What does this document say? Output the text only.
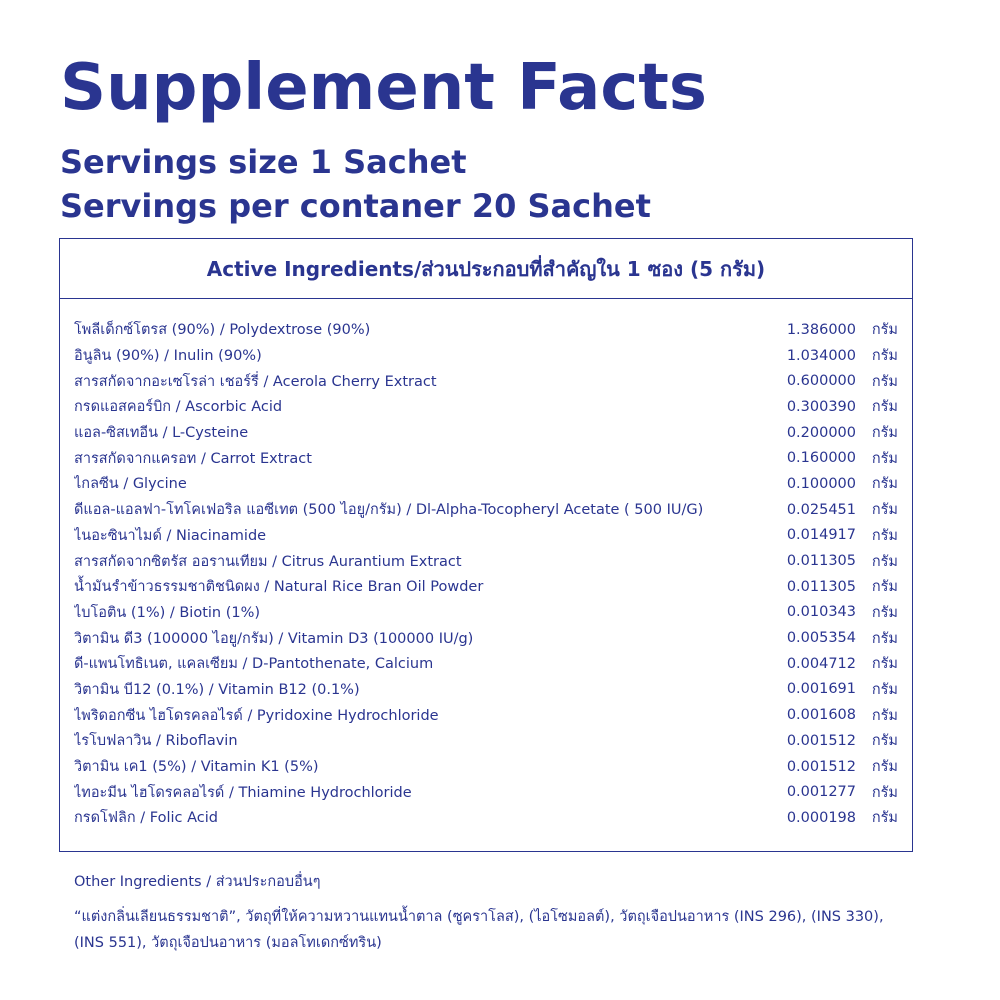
Supplement Facts

Servings size 1 Sachet

Servings per contaner 20 Sachet

Active Ingredients/ส่วนประกอบที่สำคัญใน 1 ซอง (5 กรัม)
โพลีเด็กซ์โตรส (90%) / Polydextrose (90%)	1.386000	กรัม
อินูลิน (90%) / Inulin (90%)	1.034000	กรัม
สารสกัดจากอะเซโรล่า เชอร์รี่ / Acerola Cherry Extract	0.600000	กรัม
กรดแอสคอร์บิก / Ascorbic Acid	0.300390	กรัม
แอล-ซิสเทอีน / L-Cysteine	0.200000	กรัม
สารสกัดจากแครอท / Carrot Extract	0.160000	กรัม
ไกลซีน / Glycine	0.100000	กรัม
ดีแอล-แอลฟา-โทโคเฟอริล แอซีเทต (500 ไอยู/กรัม) / Dl-Alpha-Tocopheryl Acetate ( 500 IU/G)	0.025451	กรัม
ไนอะซินาไมด์ / Niacinamide	0.014917	กรัม
สารสกัดจากซิตรัส ออรานเทียม / Citrus Aurantium Extract	0.011305	กรัม
น้ำมันรำข้าวธรรมชาติชนิดผง / Natural Rice Bran Oil Powder	0.011305	กรัม
ไบโอติน (1%) / Biotin (1%)	0.010343	กรัม
วิตามิน ดี3 (100000 ไอยู/กรัม) / Vitamin D3 (100000 IU/g)	0.005354	กรัม
ดี-แพนโทธิเนต, แคลเซียม / D-Pantothenate, Calcium	0.004712	กรัม
วิตามิน บี12 (0.1%) / Vitamin B12 (0.1%)	0.001691	กรัม
ไพริดอกซีน ไฮโดรคลอไรด์ / Pyridoxine Hydrochloride	0.001608	กรัม
ไรโบฟลาวิน / Riboflavin	0.001512	กรัม
วิตามิน เค1 (5%) / Vitamin K1 (5%)	0.001512	กรัม
ไทอะมีน ไฮโดรคลอไรด์ / Thiamine Hydrochloride	0.001277	กรัม
กรดโฟลิก / Folic Acid	0.000198	กรัม
Other Ingredients / ส่วนประกอบอื่นๆ
“แต่งกลิ่นเลียนธรรมชาติ”, วัตถุที่ให้ความหวานแทนน้ำตาล (ซูคราโลส), (ไอโซมอลต์), วัตถุเจือปนอาหาร (INS 296), (INS 330), (INS 551), วัตถุเจือปนอาหาร (มอลโทเดกซ์ทริน)
